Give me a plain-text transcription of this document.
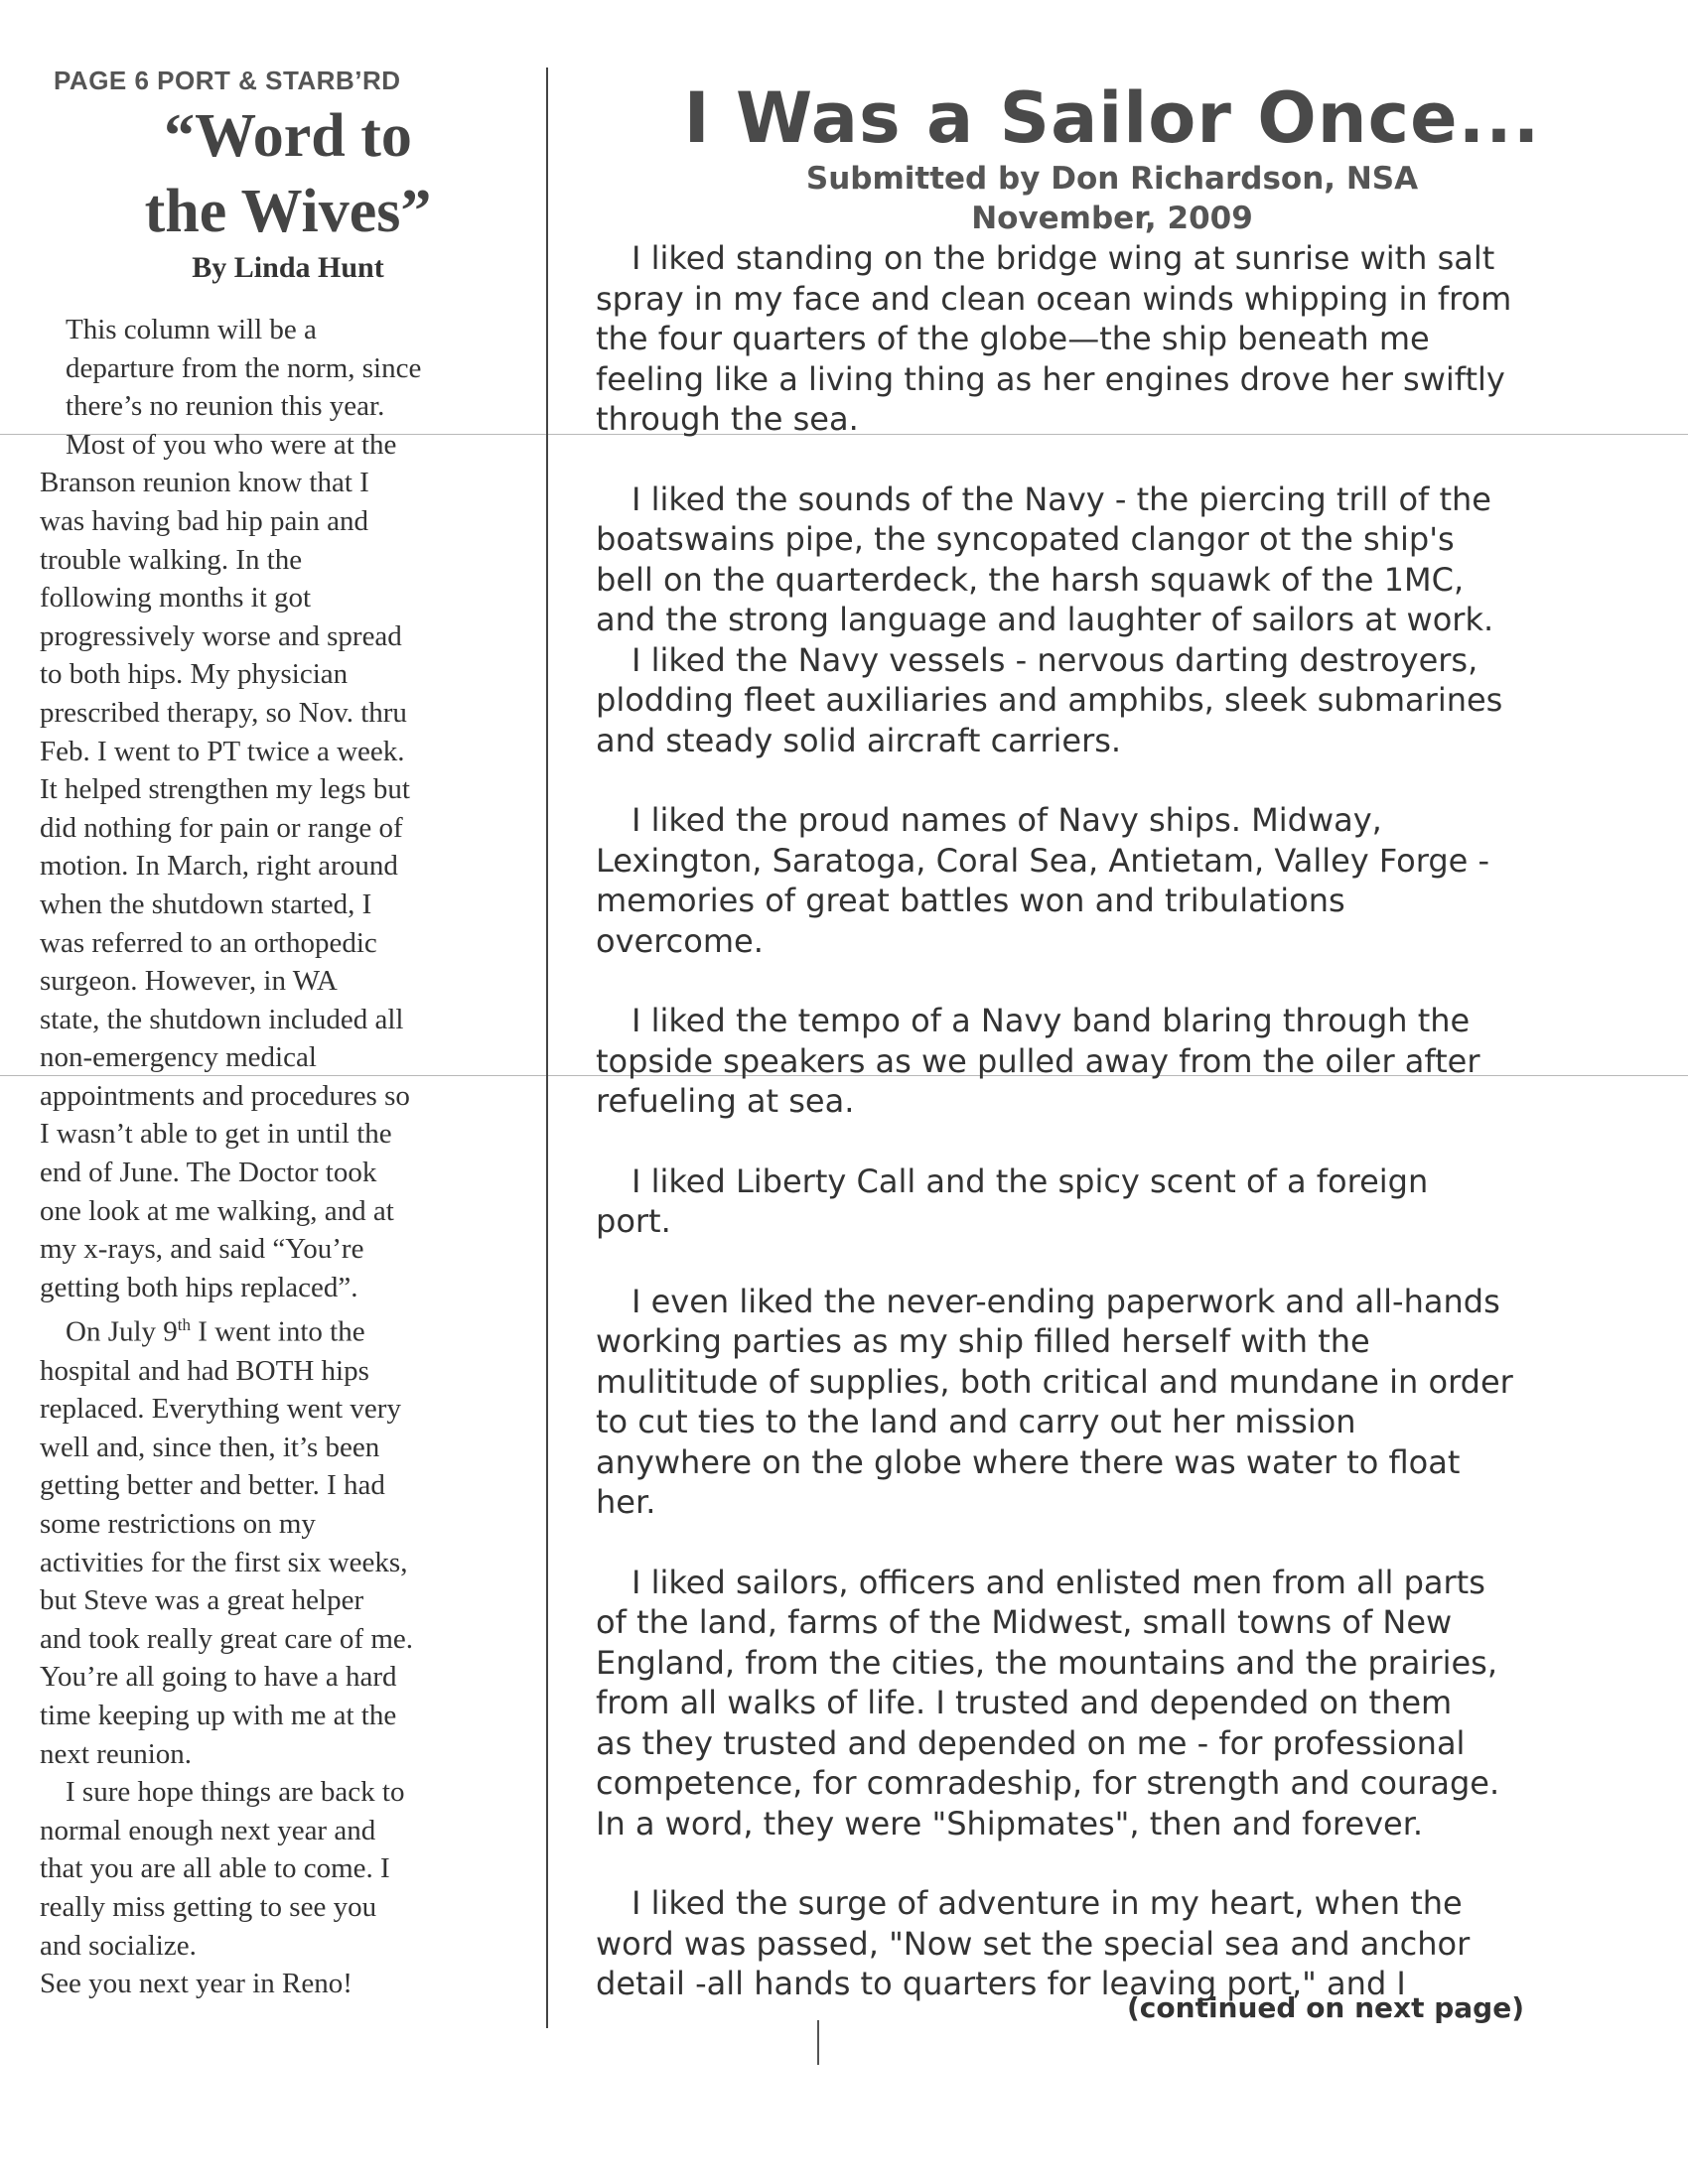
PAGE 6 PORT & STARB’RD
“Word to
the Wives”
By Linda Hunt

This column will be a
departure from the norm, since
there’s no reunion this year.

Most of you who were at the
Branson reunion know that I
was having bad hip pain and
trouble walking. In the
following months it got
progressively worse and spread
to both hips. My physician
prescribed therapy, so Nov. thru
Feb. I went to PT twice a week.
It helped strengthen my legs but
did nothing for pain or range of
motion. In March, right around
when the shutdown started, I
was referred to an orthopedic
surgeon. However, in WA
state, the shutdown included all
non-emergency medical
appointments and procedures so
I wasn’t able to get in until the
end of June. The Doctor took
one look at me walking, and at
my x-rays, and said “You’re
getting both hips replaced”.

On July 9th I went into the
hospital and had BOTH hips
replaced. Everything went very
well and, since then, it’s been
getting better and better. I had
some restrictions on my
activities for the first six weeks,
but Steve was a great helper
and took really great care of me.
You’re all going to have a hard
time keeping up with me at the
next reunion.

I sure hope things are back to
normal enough next year and
that you are all able to come. I
really miss getting to see you
and socialize.

See you next year in Reno!

I Was a Sailor Once...
Submitted by Don Richardson, NSA
November, 2009

I liked standing on the bridge wing at sunrise with salt
spray in my face and clean ocean winds whipping in from
the four quarters of the globe—the ship beneath me
feeling like a living thing as her engines drove her swiftly
through the sea.

I liked the sounds of the Navy - the piercing trill of the
boatswains pipe, the syncopated clangor ot the ship's
bell on the quarterdeck, the harsh squawk of the 1MC,
and the strong language and laughter of sailors at work.

I liked the Navy vessels - nervous darting destroyers,
plodding fleet auxiliaries and amphibs, sleek submarines
and steady solid aircraft carriers.

I liked the proud names of Navy ships. Midway,
Lexington, Saratoga, Coral Sea, Antietam, Valley Forge -
memories of great battles won and tribulations
overcome.

I liked the tempo of a Navy band blaring through the
topside speakers as we pulled away from the oiler after
refueling at sea.

I liked Liberty Call and the spicy scent of a foreign
port.

I even liked the never-ending paperwork and all-hands
working parties as my ship filled herself with the
mulititude of supplies, both critical and mundane in order
to cut ties to the land and carry out her mission
anywhere on the globe where there was water to float
her.

I liked sailors, officers and enlisted men from all parts
of the land, farms of the Midwest, small towns of New
England, from the cities, the mountains and the prairies,
from all walks of life. I trusted and depended on them
as they trusted and depended on me - for professional
competence, for comradeship, for strength and courage.
In a word, they were "Shipmates", then and forever.

I liked the surge of adventure in my heart, when the
word was passed, "Now set the special sea and anchor
detail -all hands to quarters for leaving port," and I

(continued on next page)
